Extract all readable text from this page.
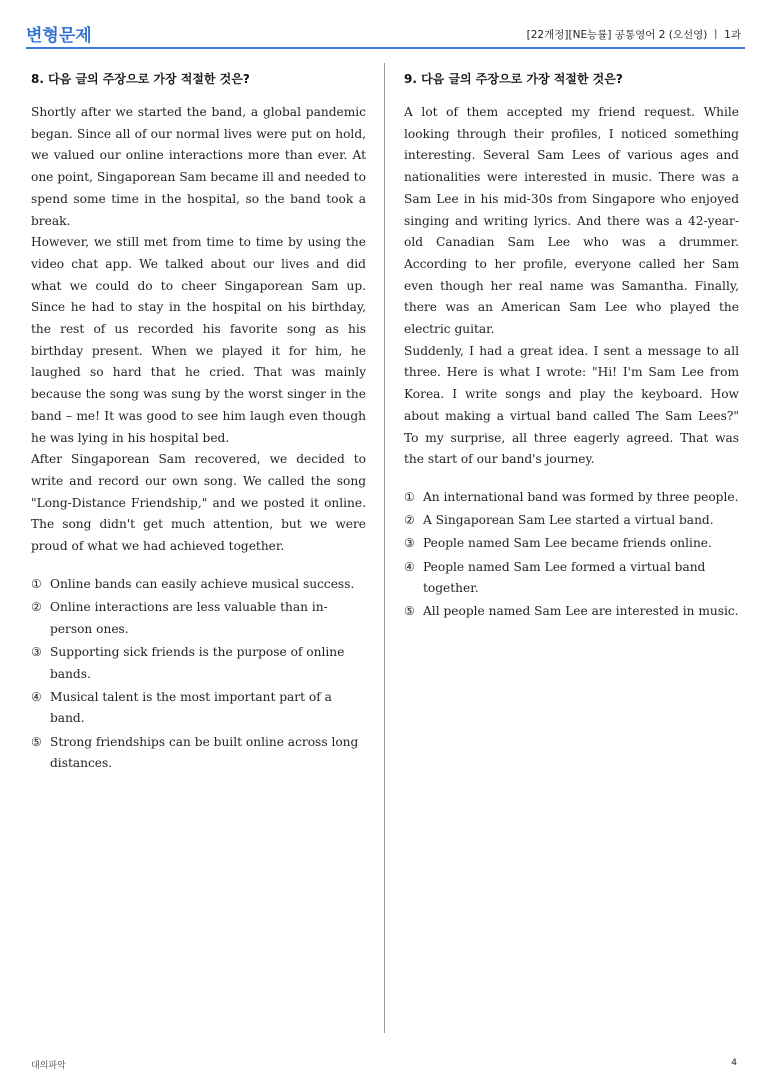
변형문제	[22개정][NE능률] 공통영어 2 (오선영) ㅣ 1과
8. 다음 글의 주장으로 가장 적절한 것은?

Shortly after we started the band, a global pandemic began. Since all of our normal lives were put on hold, we valued our online interactions more than ever. At one point, Singaporean Sam became ill and needed to spend some time in the hospital, so the band took a break.

However, we still met from time to time by using the video chat app. We talked about our lives and did what we could do to cheer Singaporean Sam up. Since he had to stay in the hospital on his birthday, the rest of us recorded his favorite song as his birthday present. When we played it for him, he laughed so hard that he cried. That was mainly because the song was sung by the worst singer in the band – me! It was good to see him laugh even though he was lying in his hospital bed.

After Singaporean Sam recovered, we decided to write and record our own song. We called the song "Long-Distance Friendship," and we posted it online. The song didn't get much attention, but we were proud of what we had achieved together.

① Online bands can easily achieve musical success.
② Online interactions are less valuable than in-person ones.
③ Supporting sick friends is the purpose of online bands.
④ Musical talent is the most important part of a band.
⑤ Strong friendships can be built online across long distances.
9. 다음 글의 주장으로 가장 적절한 것은?

A lot of them accepted my friend request. While looking through their profiles, I noticed something interesting. Several Sam Lees of various ages and nationalities were interested in music. There was a Sam Lee in his mid-30s from Singapore who enjoyed singing and writing lyrics. And there was a 42-year-old Canadian Sam Lee who was a drummer. According to her profile, everyone called her Sam even though her real name was Samantha. Finally, there was an American Sam Lee who played the electric guitar.

Suddenly, I had a great idea. I sent a message to all three. Here is what I wrote: "Hi! I'm Sam Lee from Korea. I write songs and play the keyboard. How about making a virtual band called The Sam Lees?" To my surprise, all three eagerly agreed. That was the start of our band's journey.

① An international band was formed by three people.
② A Singaporean Sam Lee started a virtual band.
③ People named Sam Lee became friends online.
④ People named Sam Lee formed a virtual band together.
⑤ All people named Sam Lee are interested in music.
대의파악	4
